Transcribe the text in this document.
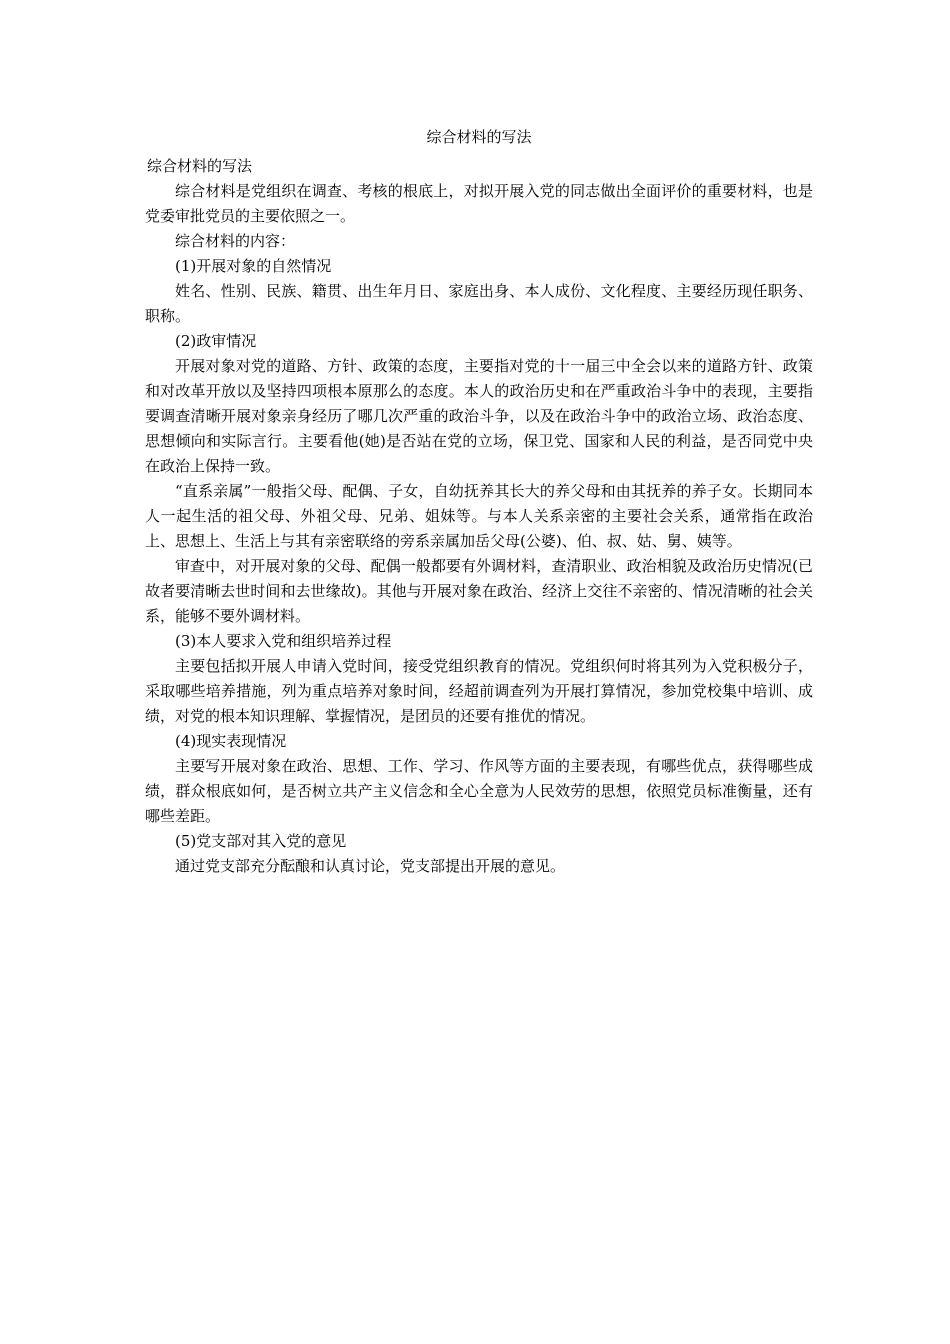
综合材料的写法

综合材料的写法

综合材料是党组织在调查、考核的根底上，对拟开展入党的同志做出全面评价的重要材料，也是党委审批党员的主要依照之一。

综合材料的内容：

(1)开展对象的自然情况

姓名、性别、民族、籍贯、出生年月日、家庭出身、本人成份、文化程度、主要经历现任职务、职称。

(2)政审情况

开展对象对党的道路、方针、政策的态度，主要指对党的十一届三中全会以来的道路方针、政策和对改革开放以及坚持四项根本原那么的态度。本人的政治历史和在严重政治斗争中的表现，主要指要调查清晰开展对象亲身经历了哪几次严重的政治斗争，以及在政治斗争中的政治立场、政治态度、思想倾向和实际言行。主要看他(她)是否站在党的立场，保卫党、国家和人民的利益，是否同党中央在政治上保持一致。

“直系亲属”一般指父母、配偶、子女，自幼抚养其长大的养父母和由其抚养的养子女。长期同本人一起生活的祖父母、外祖父母、兄弟、姐妹等。与本人关系亲密的主要社会关系，通常指在政治上、思想上、生活上与其有亲密联络的旁系亲属加岳父母(公婆)、伯、叔、姑、舅、姨等。

审查中，对开展对象的父母、配偶一般都要有外调材料，查清职业、政治相貌及政治历史情况(已故者要清晰去世时间和去世缘故)。其他与开展对象在政治、经济上交往不亲密的、情况清晰的社会关系，能够不要外调材料。

(3)本人要求入党和组织培养过程

主要包括拟开展人申请入党时间，接受党组织教育的情况。党组织何时将其列为入党积极分子，采取哪些培养措施，列为重点培养对象时间，经超前调查列为开展打算情况，参加党校集中培训、成绩，对党的根本知识理解、掌握情况，是团员的还要有推优的情况。

(4)现实表现情况

主要写开展对象在政治、思想、工作、学习、作风等方面的主要表现，有哪些优点，获得哪些成绩，群众根底如何，是否树立共产主义信念和全心全意为人民效劳的思想，依照党员标准衡量，还有哪些差距。

(5)党支部对其入党的意见

通过党支部充分酝酿和认真讨论，党支部提出开展的意见。
